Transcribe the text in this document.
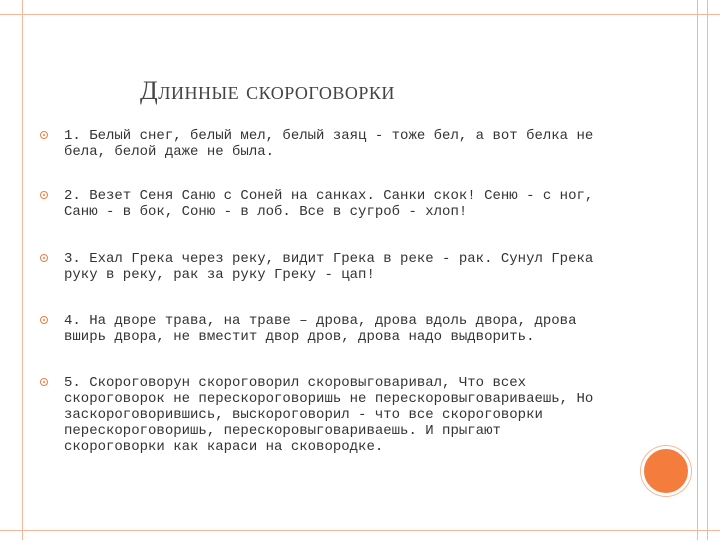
Длинные скороговорки
1. Белый снег, белый мел, белый заяц - тоже бел, а вот белка не бела, белой даже не была.
2. Везет Сеня Саню с Соней на санках. Санки скок! Сеню - с ног, Саню - в бок, Соню - в лоб. Все в сугроб - хлоп!
3. Ехал Грека через реку, видит Грека в реке - рак. Сунул Грека руку в реку, рак за руку Греку - цап!
4. На дворе трава, на траве – дрова, дрова вдоль двора, дрова вширь двора, не вместит двор дров, дрова надо выдворить.
5. Скороговорун скороговорил скоровыговаривал, Что всех скороговорок не перескороговоришь не перескоровыговариваешь, Но заскороговорившись, выскороговорил - что все скороговорки перескороговоришь, перескоровыговариваешь. И прыгают скороговорки как караси на сковородке.
